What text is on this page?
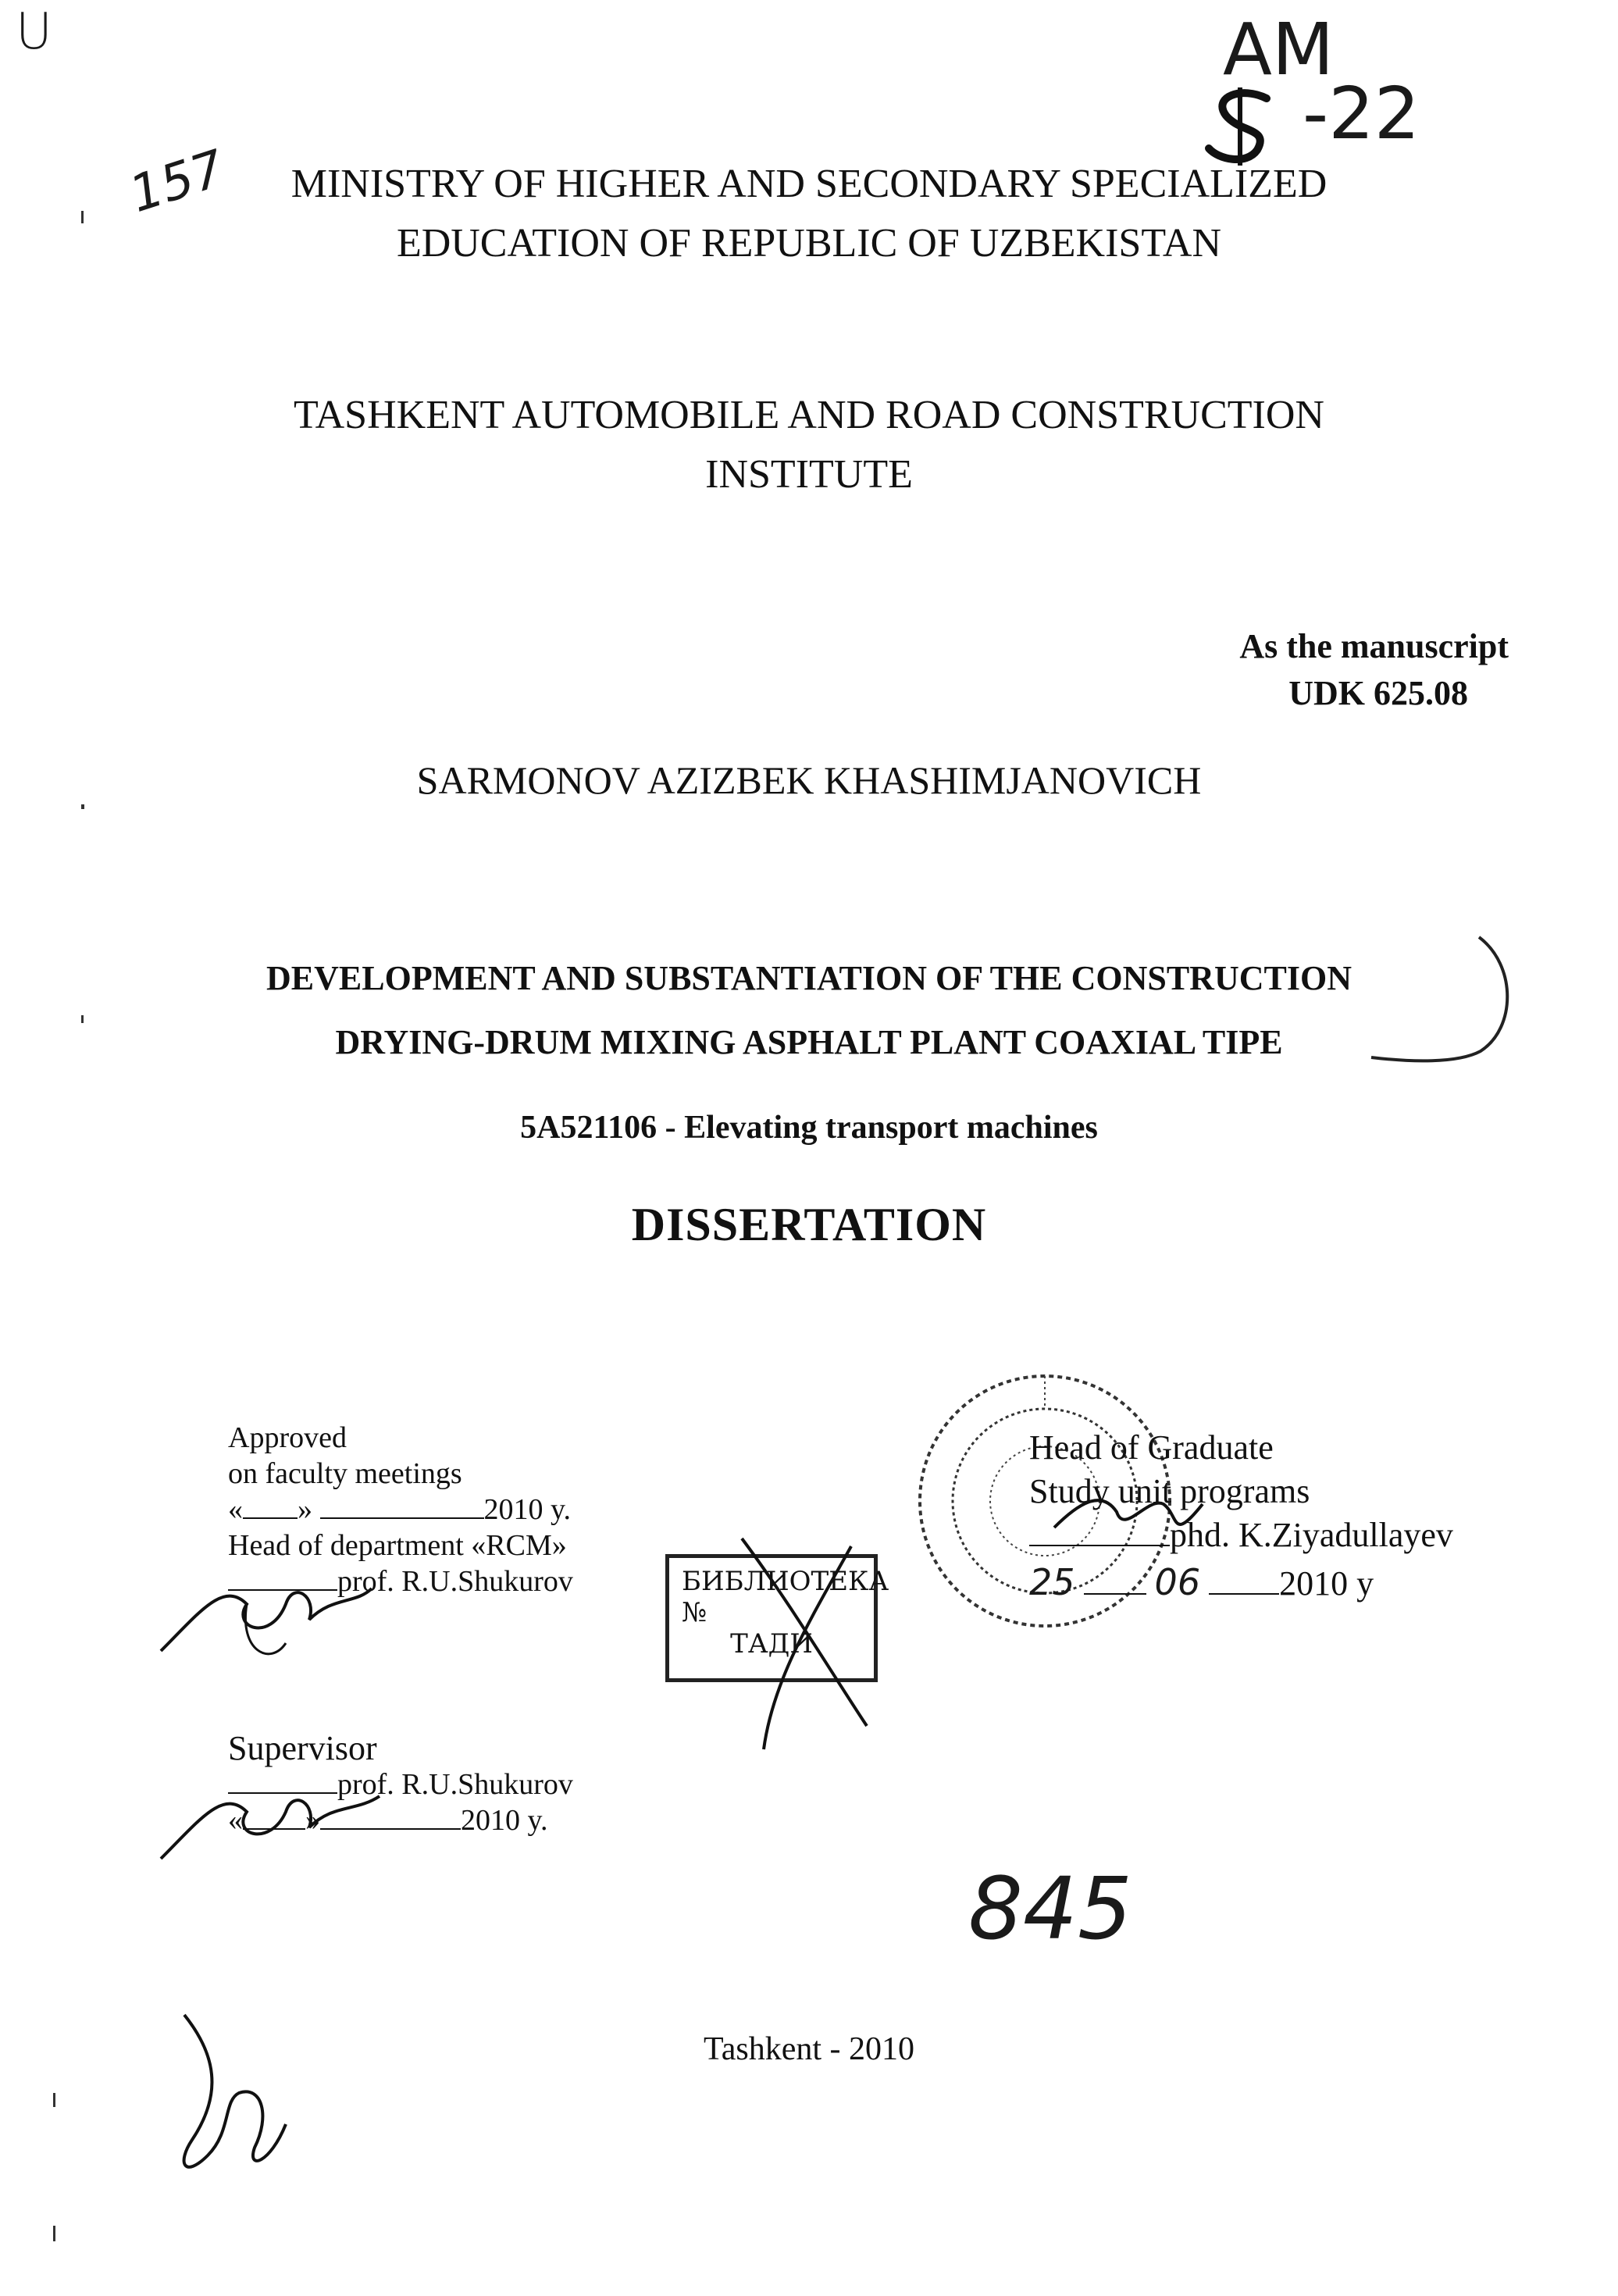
U	АМ
-22
157	MINISTRY OF HIGHER AND SECONDARY SPECIALIZED
EDUCATION OF REPUBLIC OF UZBEKISTAN
TASHKENT AUTOMOBILE AND ROAD CONSTRUCTION
INSTITUTE
As the manuscript
UDK 625.08
SARMONOV AZIZBEK KHASHIMJANOVICH
DEVELOPMENT AND SUBSTANTIATION OF THE CONSTRUCTION
DRYING-DRUM MIXING ASPHALT PLANT COAXIAL TIPE
5A521106 - Elevating transport machines
DISSERTATION
Approved
on faculty meetings
« »	2010 y.
Head of department «RCM»
prof. R.U.Shukurov	БИБЛИОТЕКА
№
ТАДИ
Head of Graduate
Study unit programs
phd. K.Ziyadullayev
25 06 2010 y
Supervisor
prof. R.U.Shukurov
« »	2010 y.
845
Tashkent - 2010
